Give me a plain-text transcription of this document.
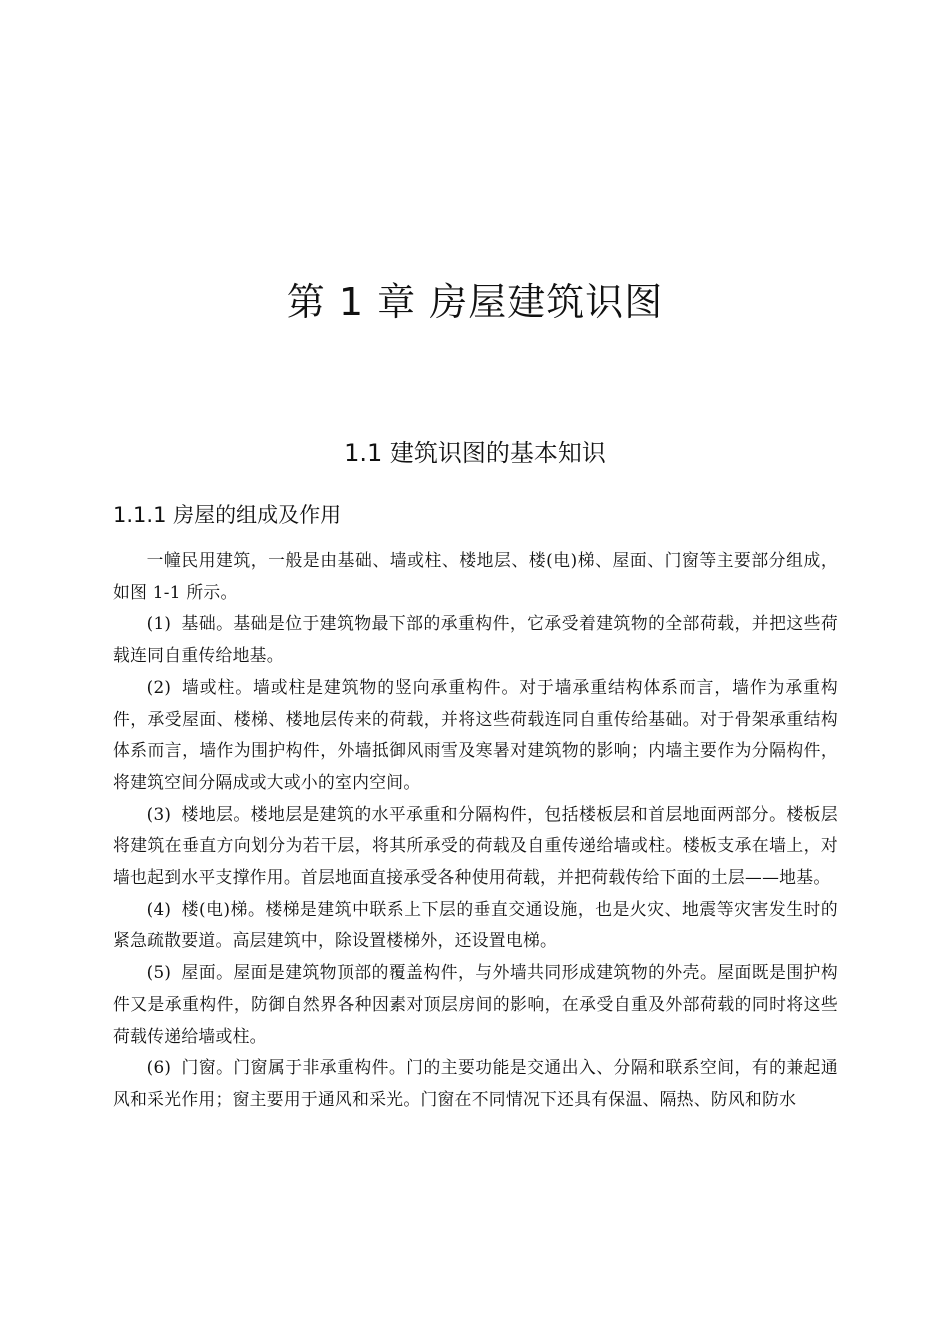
第 1 章 房屋建筑识图
1.1 建筑识图的基本知识
1.1.1 房屋的组成及作用

一幢民用建筑，一般是由基础、墙或柱、楼地层、楼(电)梯、屋面、门窗等主要部分组成，如图 1-1 所示。

(1) 基础。基础是位于建筑物最下部的承重构件，它承受着建筑物的全部荷载，并把这些荷载连同自重传给地基。

(2) 墙或柱。墙或柱是建筑物的竖向承重构件。对于墙承重结构体系而言，墙作为承重构件，承受屋面、楼梯、楼地层传来的荷载，并将这些荷载连同自重传给基础。对于骨架承重结构体系而言，墙作为围护构件，外墙抵御风雨雪及寒暑对建筑物的影响；内墙主要作为分隔构件，将建筑空间分隔成或大或小的室内空间。

(3) 楼地层。楼地层是建筑的水平承重和分隔构件，包括楼板层和首层地面两部分。楼板层将建筑在垂直方向划分为若干层，将其所承受的荷载及自重传递给墙或柱。楼板支承在墙上，对墙也起到水平支撑作用。首层地面直接承受各种使用荷载，并把荷载传给下面的土层——地基。

(4) 楼(电)梯。楼梯是建筑中联系上下层的垂直交通设施，也是火灾、地震等灾害发生时的紧急疏散要道。高层建筑中，除设置楼梯外，还设置电梯。

(5) 屋面。屋面是建筑物顶部的覆盖构件，与外墙共同形成建筑物的外壳。屋面既是围护构件又是承重构件，防御自然界各种因素对顶层房间的影响，在承受自重及外部荷载的同时将这些荷载传递给墙或柱。

(6) 门窗。门窗属于非承重构件。门的主要功能是交通出入、分隔和联系空间，有的兼起通风和采光作用；窗主要用于通风和采光。门窗在不同情况下还具有保温、隔热、防风和防水
